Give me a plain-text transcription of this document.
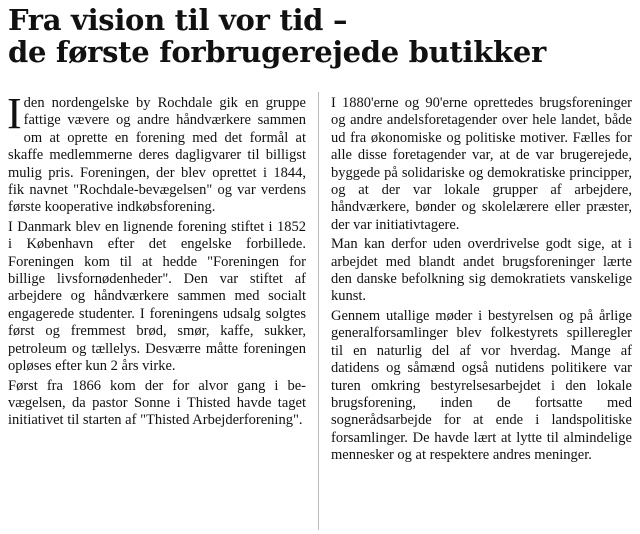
Fra vision til vor tid –
de første forbrugerejede butikker

Iden nordengelske by Rochdale gik en gruppe fattige vævere og andre håndværkere sammen om at oprette en forening med det formål at skaffe medlemmerne deres dagligvarer til billigst mulig pris. Foreningen, der blev oprettet i 1844, fik navnet "Rochdale-bevægelsen" og var verdens første kooperative indkøbsforening.

I Danmark blev en lignende forening stiftet i 1852 i København efter det engelske forbillede. Foreningen kom til at hedde "Foreningen for billige livsfornødenheder". Den var stiftet af arbejdere og håndværkere sammen med socialt engagerede studenter. I foreningens udsalg solgtes først og fremmest brød, smør, kaffe, sukker, petroleum og tællelys. Desværre måtte foreningen opløses efter kun 2 års virke.

Først fra 1866 kom der for alvor gang i bevægelsen, da pastor Sonne i Thisted havde taget initiativet til starten af "Thisted Arbejderforening".

I 1880'erne og 90'erne oprettedes brugsforeninger og andre andelsforetagender over hele landet, både ud fra økonomiske og politiske motiver. Fælles for alle disse foretagender var, at de var brugerejede, byggede på solidariske og demokratiske principper, og at der var lokale grupper af arbejdere, håndværkere, bønder og skolelærere eller præster, der var initiativtagere.

Man kan derfor uden overdrivelse godt sige, at i arbejdet med blandt andet brugsforeninger lærte den danske befolkning sig demokratiets vanskelige kunst.

Gennem utallige møder i bestyrelsen og på årlige generalforsamlinger blev folkestyrets spilleregler til en naturlig del af vor hverdag. Mange af datidens og såmænd også nutidens politikere var turen omkring bestyrelsesarbejdet i den lokale brugsforening, inden de fortsatte med sognerådsarbejde for at ende i landspolitiske forsamlinger. De havde lært at lytte til almindelige mennesker og at respektere andres meninger.
